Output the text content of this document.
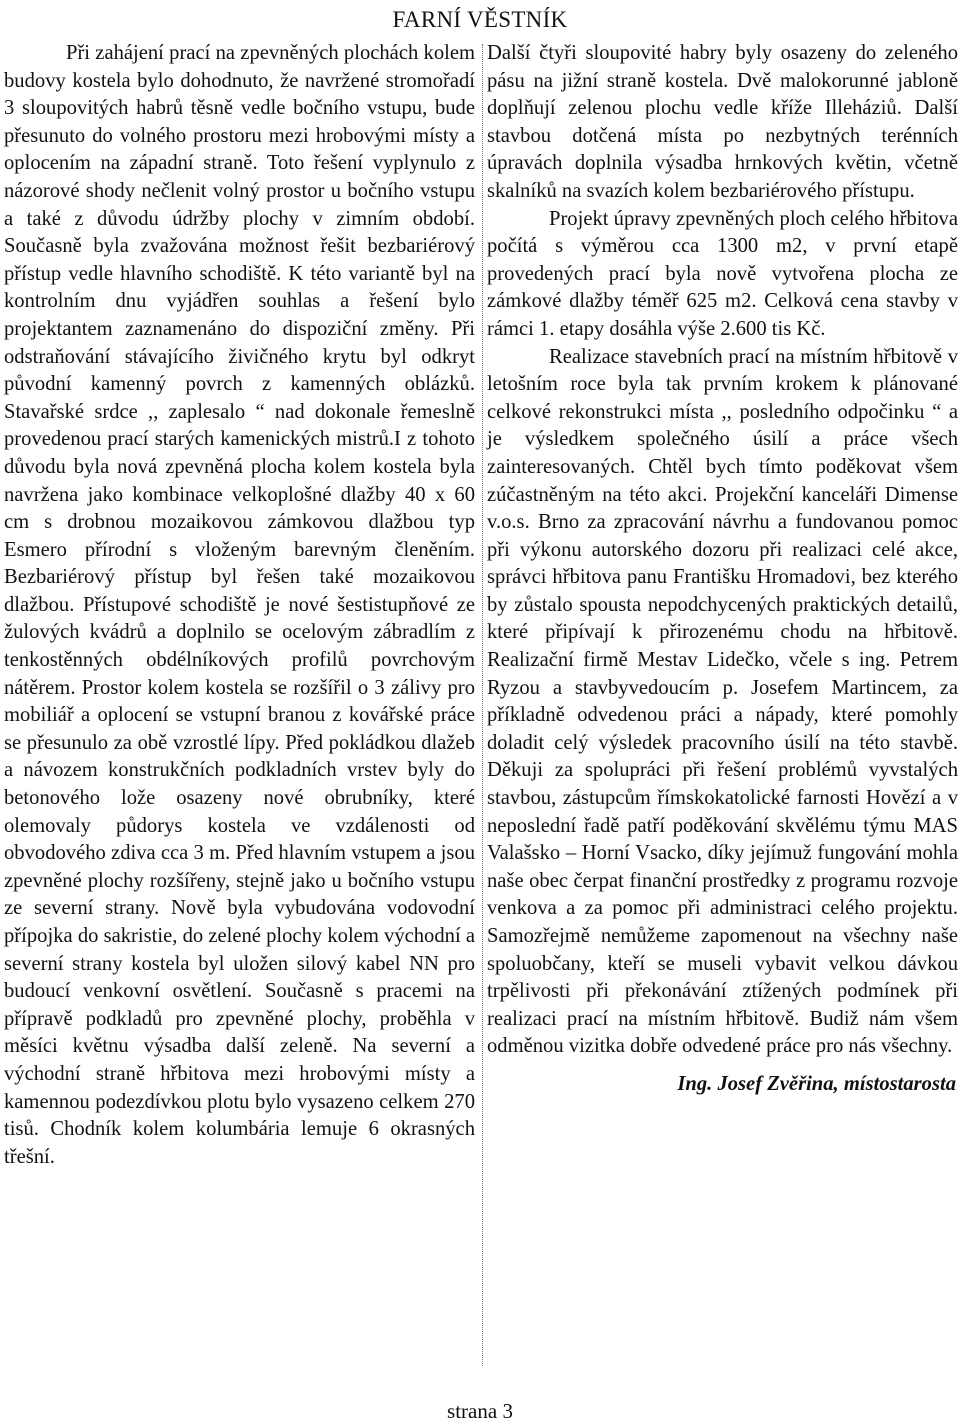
FARNÍ VĚSTNÍK

Při zahájení prací na zpevněných plochách kolem budovy kostela bylo dohodnuto, že navržené stromořadí 3 sloupovitých habrů těsně vedle bočního vstupu, bude přesunuto do volného prostoru mezi hrobovými místy a oplocením na západní straně. Toto řešení vyplynulo z názorové shody nečlenit volný prostor u bočního vstupu a také z důvodu údržby plochy v zimním období. Současně byla zvažována možnost řešit bezbariérový přístup vedle hlavního schodiště. K této variantě byl na kontrolním dnu vyjádřen souhlas a řešení bylo projektantem zaznamenáno do dispoziční změny. Při odstraňování stávajícího živičného krytu byl odkryt původní kamenný povrch z kamenných oblázků. Stavařské srdce ,, zaplesalo “ nad dokonale řemeslně provedenou prací starých kamenických mistrů.I z tohoto důvodu byla nová zpevněná plocha kolem kostela byla navržena jako kombinace velkoplošné dlažby 40 x 60 cm s drobnou mozaikovou zámkovou dlažbou typ Esmero přírodní s vloženým barevným členěním. Bezbariérový přístup byl řešen také mozaikovou dlažbou. Přístupové schodiště je nové šestistupňové ze žulových kvádrů a doplnilo se ocelovým zábradlím z tenkostěnných obdélníkových profilů povrchovým nátěrem. Prostor kolem kostela se rozšířil o 3 zálivy pro mobiliář a oplocení se vstupní branou z kovářské práce se přesunulo za obě vzrostlé lípy. Před pokládkou dlažeb a návozem konstrukčních podkladních vrstev byly do betonového lože osazeny nové obrubníky, které olemovaly půdorys kostela ve vzdálenosti od obvodového zdiva cca 3 m. Před hlavním vstupem a jsou zpevněné plochy rozšířeny, stejně jako u bočního vstupu ze severní strany. Nově byla vybudována vodovodní přípojka do sakristie, do zelené plochy kolem východní a severní strany kostela byl uložen silový kabel NN pro budoucí venkovní osvětlení. Současně s pracemi na přípravě podkladů pro zpevněné plochy, proběhla v měsíci květnu výsadba další zeleně. Na severní a východní straně hřbitova mezi hrobovými místy a kamennou podezdívkou plotu bylo vysazeno celkem 270 tisů. Chodník kolem kolumbária lemuje 6 okrasných třešní.

Další čtyři sloupovité habry byly osazeny do zeleného pásu na jižní straně kostela. Dvě malokorunné jabloně doplňují zelenou plochu vedle kříže Illeháziů. Další stavbou dotčená místa po nezbytných terénních úpravách doplnila výsadba hrnkových květin, včetně skalníků na svazích kolem bezbariérového přístupu.

Projekt úpravy zpevněných ploch celého hřbitova počítá s výměrou cca 1300 m2, v první etapě provedených prací byla nově vytvořena plocha ze zámkové dlažby téměř 625 m2. Celková cena stavby v rámci 1. etapy dosáhla výše 2.600 tis Kč.

Realizace stavebních prací na místním hřbitově v letošním roce byla tak prvním krokem k plánované celkové rekonstrukci místa ,, posledního odpočinku “ a je výsledkem společného úsilí a práce všech zainteresovaných. Chtěl bych tímto poděkovat všem zúčastněným na této akci. Projekční kanceláři Dimense v.o.s. Brno za zpracování návrhu a fundovanou pomoc při výkonu autorského dozoru při realizaci celé akce, správci hřbitova panu Františku Hromadovi, bez kterého by zůstalo spousta nepodchycených praktických detailů, které připívají k přirozenému chodu na hřbitově. Realizační firmě Mestav Lidečko, včele s ing. Petrem Ryzou a stavbyvedoucím p. Josefem Martincem, za příkladně odvedenou práci a nápady, které pomohly doladit celý výsledek pracovního úsilí na této stavbě. Děkuji za spolupráci při řešení problémů vyvstalých stavbou, zástupcům římskokatolické farnosti Hovězí a v neposlední řadě patří poděkování skvělému týmu MAS Valašsko – Horní Vsacko, díky jejímuž fungování mohla naše obec čerpat finanční prostředky z programu rozvoje venkova a za pomoc při administraci celého projektu. Samozřejmě nemůžeme zapomenout na všechny naše spoluobčany, kteří se museli vybavit velkou dávkou trpělivosti při překonávání ztížených podmínek při realizaci prací na místním hřbitově. Budiž nám všem odměnou vizitka dobře odvedené práce pro nás všechny.

Ing. Josef Zvěřina, místostarosta

strana 3
